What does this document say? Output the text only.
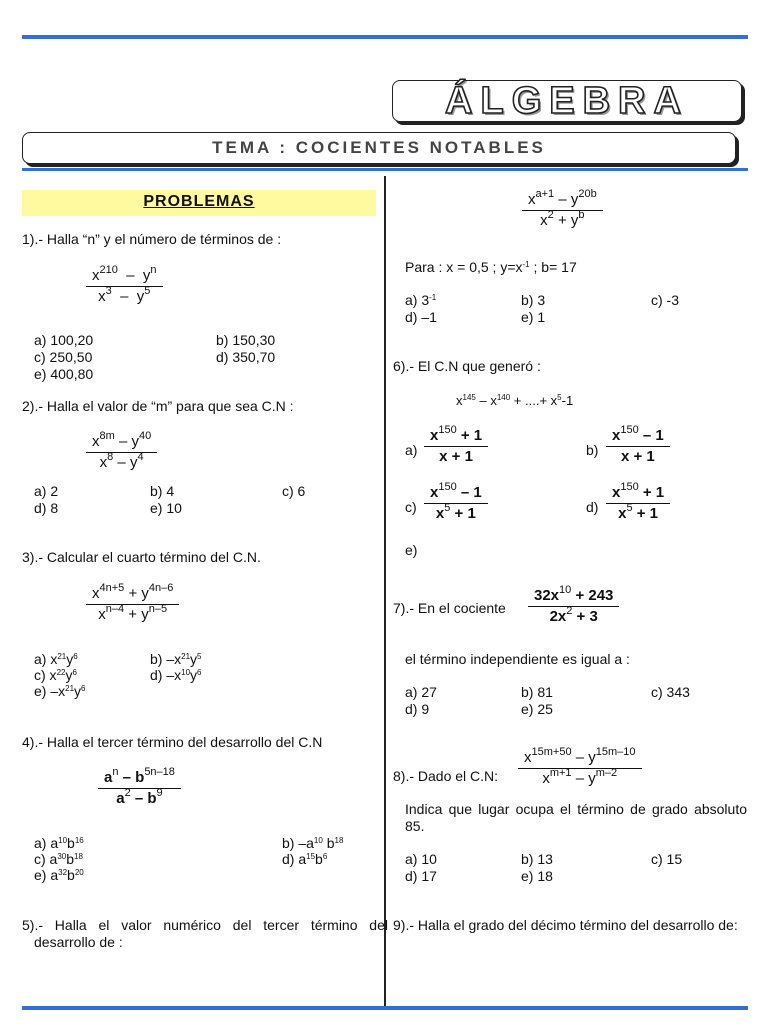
ÁLGEBRA
TEMA : COCIENTES NOTABLES
PROBLEMAS
1).- Halla “n” y el número de términos de :
$x^{210} - y^n$
$x^3 - y^5$
a) 100,20	b) 150,30
c) 250,50	d) 350,70
e) 400,80
2).- Halla el valor de “m” para que sea C.N :
$x^{8m} - y^{40}$
$x^8 - y^4$
a) 2	b) 4	c) 6
d) 8	e) 10
3).- Calcular el cuarto término del C.N.
$x^{4n+5} + y^{4n-6}$
$x^{n-4} + y^{n-5}$
a) $x^{21}y^6$	b) $-x^{21}y^5$
c) $x^{22}y^6$	d) $-x^{10}y^6$
e) $-x^{21}y^6$
4).- Halla el tercer término del desarrollo del C.N
$a^n - b^{5n-18}$
$a^2 - b^9$
a) $a^{10}b^{16}$	b) $-a^{10}$ $b^{18}$
c) $a^{30}b^{18}$	d) $a^{15}b^6$
e) $a^{32}b^{20}$
5).- Halla el valor numérico del tercer término del desarrollo de :
$x^{a+1} - y^{20b}$
$x^2 + y^b$
Para : x = 0,5 ; $y=x^{-1}$ ; b= 17
a) $3^{-1}$	b) 3	c) -3
d) –1	e) 1
6).- El C.N que generó :
$x^{145} - x^{140}$ + ....+ $x^5-1$
a)
$x^{150} + 1$
x + 1	b)
$x^{150} - 1$
x + 1
c)
$x^{150} - 1$
$x^5 + 1$	d)
$x^{150} + 1$
$x^5 + 1$
e)
7).- En el cociente
$32x^{10} + 243$
$2x^2 + 3$
el término independiente es igual a :
a) 27	b) 81	c) 343
d) 9	e) 25
8).- Dado el C.N:
$x^{15m+50} - y^{15m-10}$
$x^{m+1} - y^{m-2}$
Indica que lugar ocupa el término de grado absoluto 85.
a) 10	b) 13	c) 15
d) 17	e) 18
9).- Halla el grado del décimo término del desarrollo de:
